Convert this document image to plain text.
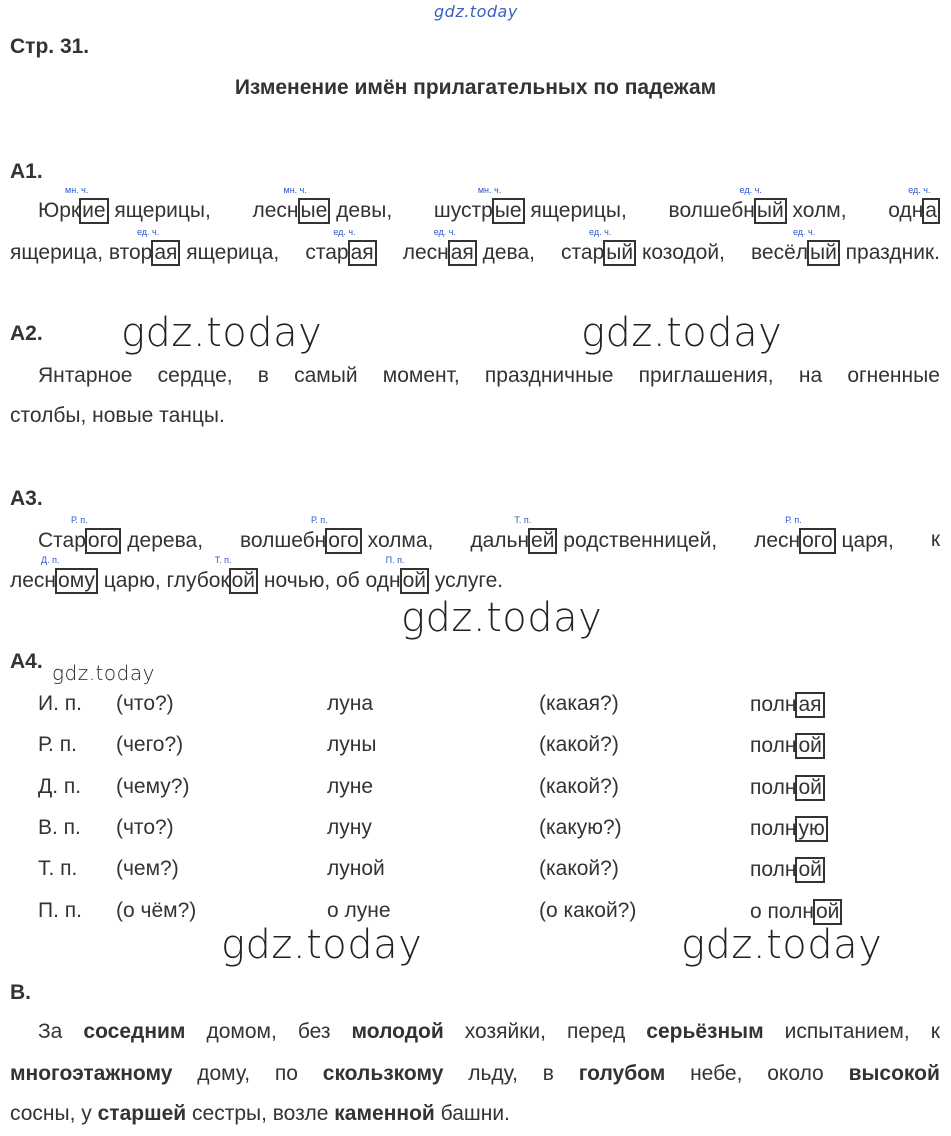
gdz.today
gdz.today	gdz.today
gdz.today
gdz.today
gdz.today	gdz.today
Стр. 31.
Изменение имён прилагательных по падежам
А1.
Юркие
мн. ч.
ящерицы, лесные
мн. ч.
девы, шустрые
мн. ч.
ящерицы, волшебный
ед. ч.
холм, одна
ед. ч.
ящерица, вторая
ед. ч.
ящерица, старая
ед. ч.
лесная
ед. ч.
дева, старый
ед. ч.
козодой, весёлый
ед. ч.
праздник.
А2.
Янтарное сердце, в самый момент, праздничные приглашения, на огненные
столбы, новые танцы.
А3.
Старого
Р. п.
дерева, волшебного
Р. п.
холма, дальней
Т. п.
родственницей, лесного
Р. п.
царя, к
лесному
Д. п.
царю, глубокой
Т. п.
ночью, об одной
П. п.
услуге.
А4.
И. п. (что?)	луна	(какая?)	полная
Р. п. (чего?)	луны	(какой?)	полной
Д. п. (чему?)	луне	(какой?)	полной
В. п. (что?)	луну	(какую?)	полную
Т. п. (чем?)	луной	(какой?)	полной
П. п. (о чём?)	о луне	(о какой?)	о полной
В.
За соседним домом, без молодой хозяйки, перед серьёзным испытанием, к
многоэтажному дому, по скользкому льду, в голубом небе, около высокой
сосны, у старшей сестры, возле каменной башни.
